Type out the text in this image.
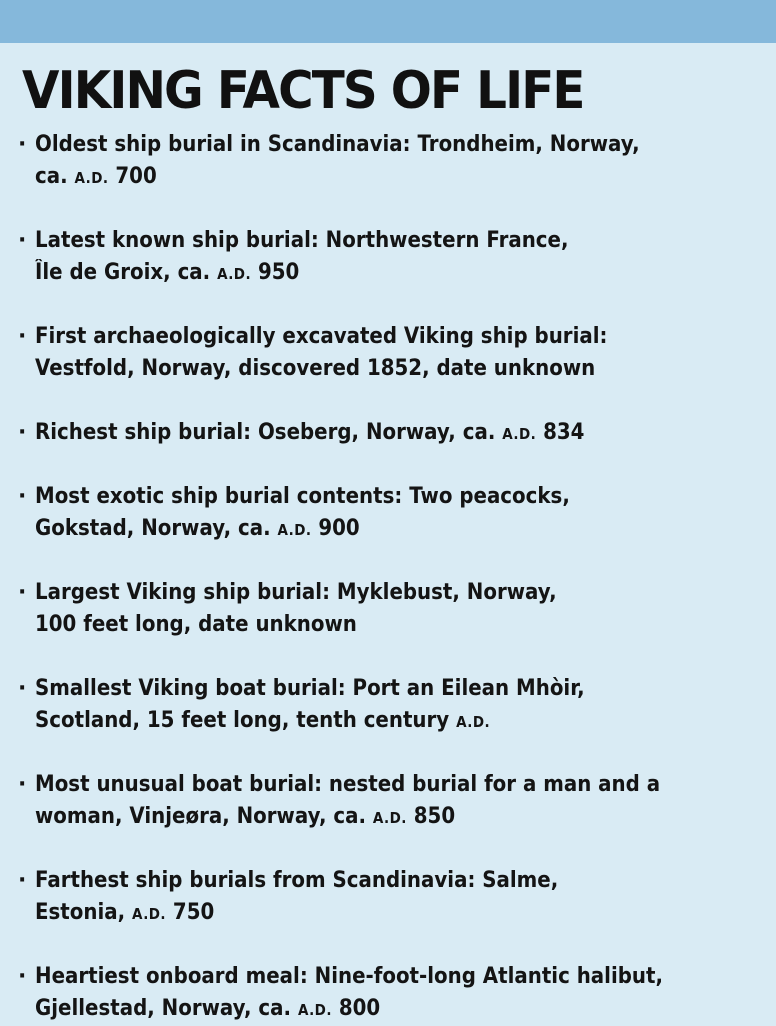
VIKING FACTS OF LIFE
· Oldest ship burial in Scandinavia: Trondheim, Norway,
ca. A.D. 700
· Latest known ship burial: Northwestern France,
Île de Groix, ca. A.D. 950
· First archaeologically excavated Viking ship burial:
Vestfold, Norway, discovered 1852, date unknown
· Richest ship burial: Oseberg, Norway, ca. A.D. 834
· Most exotic ship burial contents: Two peacocks,
Gokstad, Norway, ca. A.D. 900
· Largest Viking ship burial: Myklebust, Norway,
100 feet long, date unknown
· Smallest Viking boat burial: Port an Eilean Mhòir,
Scotland, 15 feet long, tenth century A.D.
· Most unusual boat burial: nested burial for a man and a
woman, Vinjeøra, Norway, ca. A.D. 850
· Farthest ship burials from Scandinavia: Salme,
Estonia, A.D. 750
· Heartiest onboard meal: Nine-foot-long Atlantic halibut,
Gjellestad, Norway, ca. A.D. 800
